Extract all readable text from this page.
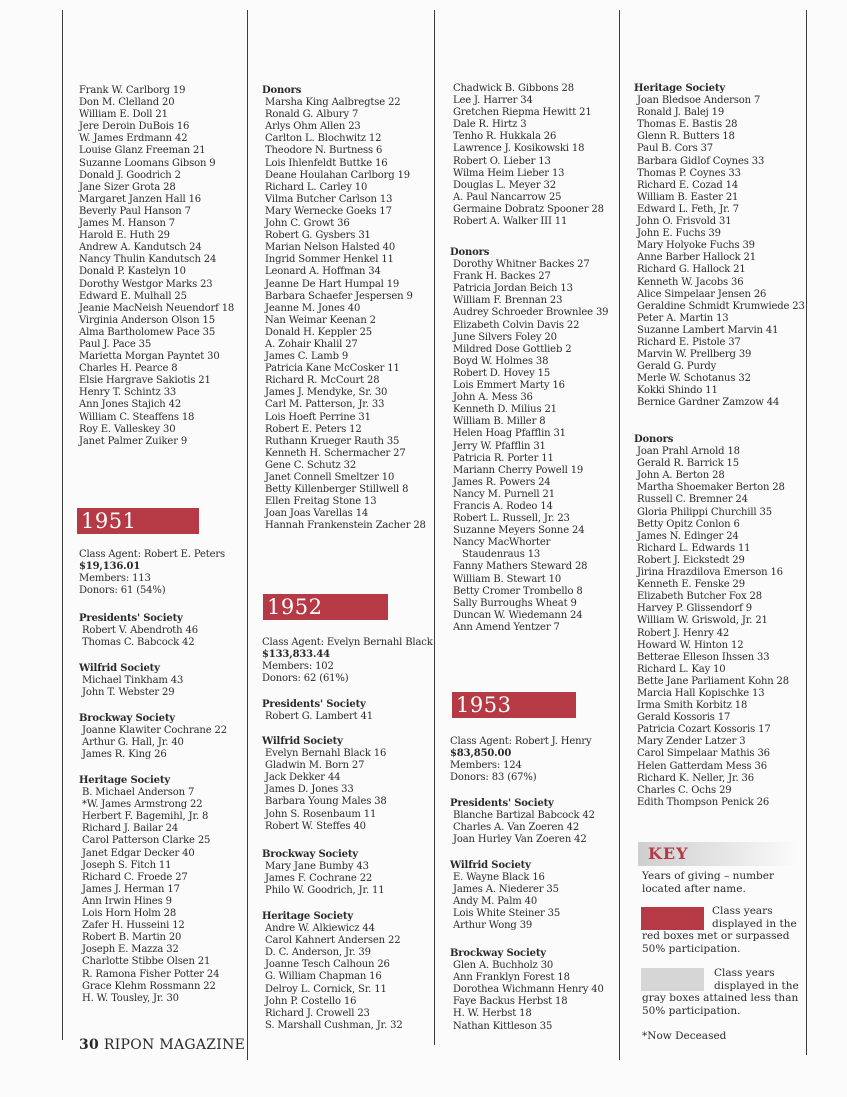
Frank W. Carlborg 19
Don M. Clelland 20
William E. Doll 21
Jere Deroin DuBois 16
W. James Erdmann 42
Louise Glanz Freeman 21
Suzanne Loomans Gibson 9
Donald J. Goodrich 2
Jane Sizer Grota 28
Margaret Janzen Hall 16
Beverly Paul Hanson 7
James M. Hanson 7
Harold E. Huth 29
Andrew A. Kandutsch 24
Nancy Thulin Kandutsch 24
Donald P. Kastelyn 10
Dorothy Westgor Marks 23
Edward E. Mulhall 25
Jeanie MacNeish Neuendorf 18
Virginia Anderson Olson 15
Alma Bartholomew Pace 35
Paul J. Pace 35
Marietta Morgan Payntet 30
Charles H. Pearce 8
Elsie Hargrave Sakiotis 21
Henry T. Schintz 33
Ann Jones Stajich 42
William C. Steaffens 18
Roy E. Valleskey 30
Janet Palmer Zuiker 9
1951
Class Agent: Robert E. Peters
$19,136.01
Members: 113
Donors: 61 (54%)
Presidents' Society
Robert V. Abendroth 46
Thomas C. Babcock 42
Wilfrid Society
Michael Tinkham 43
John T. Webster 29
Brockway Society
Joanne Klawiter Cochrane 22
Arthur G. Hall, Jr. 40
James R. King 26
Heritage Society
B. Michael Anderson 7
*W. James Armstrong 22
Herbert F. Bagemihl, Jr. 8
Richard J. Bailar 24
Carol Patterson Clarke 25
Janet Edgar Decker 40
Joseph S. Fitch 11
Richard C. Froede 27
James J. Herman 17
Ann Irwin Hines 9
Lois Horn Holm 28
Zafer H. Husseini 12
Robert B. Martin 20
Joseph E. Mazza 32
Charlotte Stibbe Olsen 21
R. Ramona Fisher Potter 24
Grace Klehm Rossmann 22
H. W. Tousley, Jr. 30
Donors
Marsha King Aalbregtse 22
Ronald G. Albury 7
Arlys Ohm Allen 23
Carlton L. Blochwitz 12
Theodore N. Burtness 6
Lois Ihlenfeldt Buttke 16
Deane Houlahan Carlborg 19
Richard L. Carley 10
Vilma Butcher Carlson 13
Mary Wernecke Goeks 17
John C. Growt 36
Robert G. Gysbers 31
Marian Nelson Halsted 40
Ingrid Sommer Henkel 11
Leonard A. Hoffman 34
Jeanne De Hart Humpal 19
Barbara Schaefer Jespersen 9
Jeanne M. Jones 40
Nan Weimar Keenan 2
Donald H. Keppler 25
A. Zohair Khalil 27
James C. Lamb 9
Patricia Kane McCosker 11
Richard R. McCourt 28
James J. Mendyke, Sr. 30
Carl M. Patterson, Jr. 33
Lois Hoeft Perrine 31
Robert E. Peters 12
Ruthann Krueger Rauth 35
Kenneth H. Schermacher 27
Gene C. Schutz 32
Janet Connell Smeltzer 10
Betty Killenberger Stillwell 8
Ellen Freitag Stone 13
Joan Joas Varellas 14
Hannah Frankenstein Zacher 28
1952
Class Agent: Evelyn Bernahl Black
$133,833.44
Members: 102
Donors: 62 (61%)
Presidents' Society
Robert G. Lambert 41
Wilfrid Society
Evelyn Bernahl Black 16
Gladwin M. Born 27
Jack Dekker 44
James D. Jones 33
Barbara Young Males 38
John S. Rosenbaum 11
Robert W. Steffes 40
Brockway Society
Mary Jane Bumby 43
James F. Cochrane 22
Philo W. Goodrich, Jr. 11
Heritage Society
Andre W. Alkiewicz 44
Carol Kahnert Andersen 22
D. C. Anderson, Jr. 39
Joanne Tesch Calhoun 26
G. William Chapman 16
Delroy L. Cornick, Sr. 11
John P. Costello 16
Richard J. Crowell 23
S. Marshall Cushman, Jr. 32
Chadwick B. Gibbons 28
Lee J. Harrer 34
Gretchen Riepma Hewitt 21
Dale R. Hirtz 3
Tenho R. Hukkala 26
Lawrence J. Kosikowski 18
Robert O. Lieber 13
Wilma Heim Lieber 13
Douglas L. Meyer 32
A. Paul Nancarrow 25
Germaine Dobratz Spooner 28
Robert A. Walker III 11
Donors
Dorothy Whitner Backes 27
Frank H. Backes 27
Patricia Jordan Beich 13
William F. Brennan 23
Audrey Schroeder Brownlee 39
Elizabeth Colvin Davis 22
June Silvers Foley 20
Mildred Dose Gottlieb 2
Boyd W. Holmes 38
Robert D. Hovey 15
Lois Emmert Marty 16
John A. Mess 36
Kenneth D. Milius 21
William B. Miller 8
Helen Hoag Pfafflin 31
Jerry W. Pfafflin 31
Patricia R. Porter 11
Mariann Cherry Powell 19
James R. Powers 24
Nancy M. Purnell 21
Francis A. Rodeo 14
Robert L. Russell, Jr. 23
Suzanne Meyers Sonne 24
Nancy MacWhorter
Staudenraus 13
Fanny Mathers Steward 28
William B. Stewart 10
Betty Cromer Trombello 8
Sally Burroughs Wheat 9
Duncan W. Wiedemann 24
Ann Amend Yentzer 7
1953
Class Agent: Robert J. Henry
$83,850.00
Members: 124
Donors: 83 (67%)
Presidents' Society
Blanche Bartizal Babcock 42
Charles A. Van Zoeren 42
Joan Hurley Van Zoeren 42
Wilfrid Society
E. Wayne Black 16
James A. Niederer 35
Andy M. Palm 40
Lois White Steiner 35
Arthur Wong 39
Brockway Society
Glen A. Buchholz 30
Ann Franklyn Forest 18
Dorothea Wichmann Henry 40
Faye Backus Herbst 18
H. W. Herbst 18
Nathan Kittleson 35
Heritage Society
Joan Bledsoe Anderson 7
Ronald J. Balej 19
Thomas E. Bastis 28
Glenn R. Butters 18
Paul B. Cors 37
Barbara Gidlof Coynes 33
Thomas P. Coynes 33
Richard E. Cozad 14
William B. Easter 21
Edward L. Feth, Jr. 7
John O. Frisvold 31
John E. Fuchs 39
Mary Holyoke Fuchs 39
Anne Barber Hallock 21
Richard G. Hallock 21
Kenneth W. Jacobs 36
Alice Simpelaar Jensen 26
Geraldine Schmidt Krumwiede 23
Peter A. Martin 13
Suzanne Lambert Marvin 41
Richard E. Pistole 37
Marvin W. Prellberg 39
Gerald G. Purdy
Merle W. Schotanus 32
Kokki Shindo 11
Bernice Gardner Zamzow 44
Donors
Joan Prahl Arnold 18
Gerald R. Barrick 15
John A. Berton 28
Martha Shoemaker Berton 28
Russell C. Bremner 24
Gloria Philippi Churchill 35
Betty Opitz Conlon 6
James N. Edinger 24
Richard L. Edwards 11
Robert J. Eickstedt 29
Jirina Hrazdilova Emerson 16
Kenneth E. Fenske 29
Elizabeth Butcher Fox 28
Harvey P. Glissendorf 9
William W. Griswold, Jr. 21
Robert J. Henry 42
Howard W. Hinton 12
Betterae Elleson Ihssen 33
Richard L. Kay 10
Bette Jane Parliament Kohn 28
Marcia Hall Kopischke 13
Irma Smith Korbitz 18
Gerald Kossoris 17
Patricia Cozart Kossoris 17
Mary Zender Latzer 3
Carol Simpelaar Mathis 36
Helen Gatterdam Mess 36
Richard K. Neller, Jr. 36
Charles C. Ochs 29
Edith Thompson Penick 26
KEY
Years of giving – number
located after name.
Class years
displayed in the
red boxes met or surpassed
50% participation.
Class years
displayed in the
gray boxes attained less than
50% participation.
*Now Deceased
30 RIPON MAGAZINE
